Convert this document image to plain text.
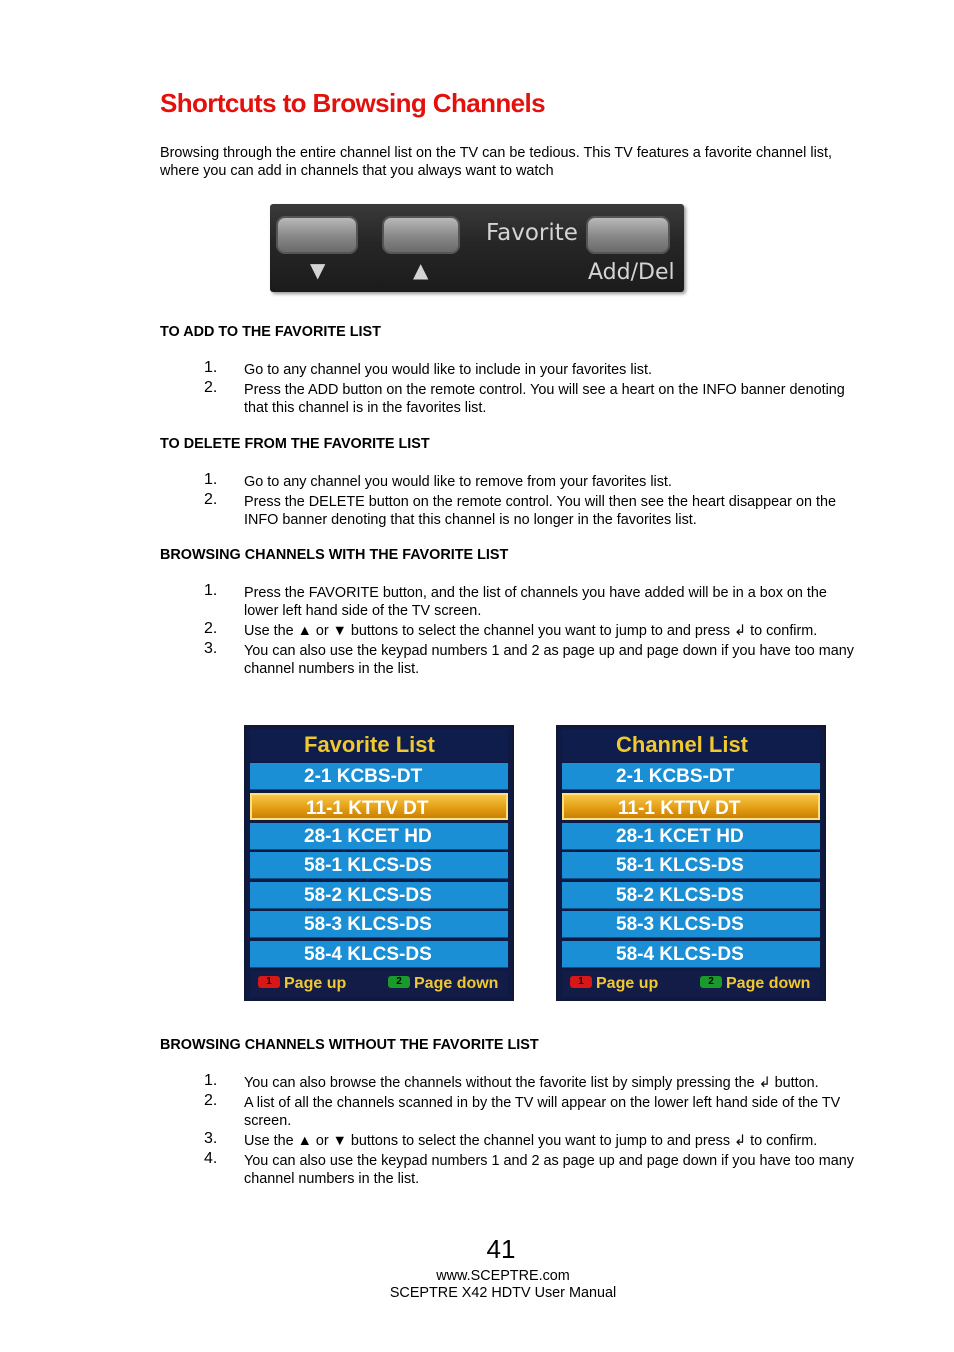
Shortcuts to Browsing Channels

Browsing through the entire channel list on the TV can be tedious. This TV features a favorite channel list, where you can add in channels that you always want to watch

▼	▲
Favorite
Add/Del

TO ADD TO THE FAVORITE LIST

1. Go to any channel you would like to include in your favorites list.
2. Press the ADD button on the remote control. You will see a heart on the INFO banner denoting that this channel is in the favorites list.

TO DELETE FROM THE FAVORITE LIST

1. Go to any channel you would like to remove from your favorites list.
2. Press the DELETE button on the remote control. You will then see the heart disappear on the INFO banner denoting that this channel is no longer in the favorites list.

BROWSING CHANNELS WITH THE FAVORITE LIST

1. Press the FAVORITE button, and the list of channels you have added will be in a box on the lower left hand side of the TV screen.
2. Use the ▲ or ▼ buttons to select the channel you want to jump to and press ↲ to confirm.
3. You can also use the keypad numbers 1 and 2 as page up and page down if you have too many channel numbers in the list.
Favorite List
2-1 KCBS-DT
11-1 KTTV DT
28-1 KCET HD
58-1 KLCS-DS
58-2 KLCS-DS
58-3 KLCS-DS
58-4 KLCS-DS
1 Page up	2 Page down
Channel List
2-1 KCBS-DT
11-1 KTTV DT
28-1 KCET HD
58-1 KLCS-DS
58-2 KLCS-DS
58-3 KLCS-DS
58-4 KLCS-DS
1 Page up	2 Page down

BROWSING CHANNELS WITHOUT THE FAVORITE LIST

1. You can also browse the channels without the favorite list by simply pressing the ↲ button.
2. A list of all the channels scanned in by the TV will appear on the lower left hand side of the TV screen.
3. Use the ▲ or ▼ buttons to select the channel you want to jump to and press ↲ to confirm.
4. You can also use the keypad numbers 1 and 2 as page up and page down if you have too many channel numbers in the list.
41
www.SCEPTRE.com
SCEPTRE X42 HDTV User Manual
